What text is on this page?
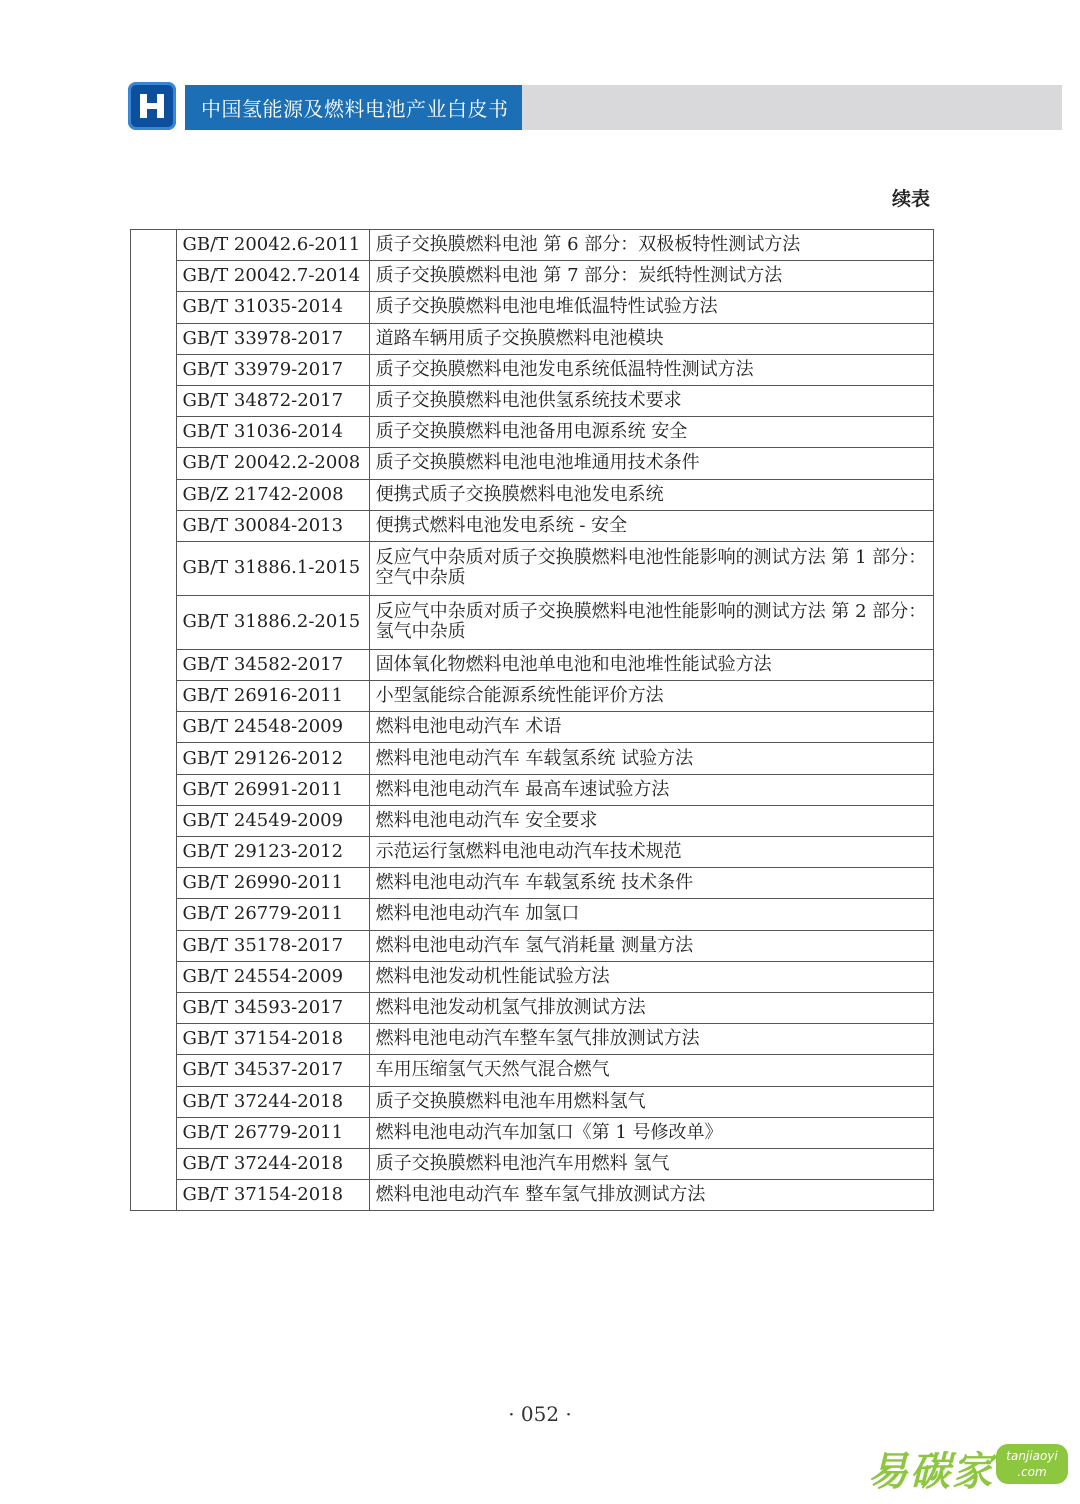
中国氢能源及燃料电池产业白皮书
续表
	GB/T 20042.6-2011	质子交换膜燃料电池 第 6 部分：双极板特性测试方法
	GB/T 20042.7-2014	质子交换膜燃料电池 第 7 部分：炭纸特性测试方法
	GB/T 31035-2014	质子交换膜燃料电池电堆低温特性试验方法
	GB/T 33978-2017	道路车辆用质子交换膜燃料电池模块
	GB/T 33979-2017	质子交换膜燃料电池发电系统低温特性测试方法
	GB/T 34872-2017	质子交换膜燃料电池供氢系统技术要求
	GB/T 31036-2014	质子交换膜燃料电池备用电源系统 安全
	GB/T 20042.2-2008	质子交换膜燃料电池电池堆通用技术条件
	GB/Z 21742-2008	便携式质子交换膜燃料电池发电系统
	GB/T 30084-2013	便携式燃料电池发电系统 - 安全
	GB/T 31886.1-2015	反应气中杂质对质子交换膜燃料电池性能影响的测试方法 第 1 部分：空气中杂质
	GB/T 31886.2-2015	反应气中杂质对质子交换膜燃料电池性能影响的测试方法 第 2 部分：氢气中杂质
	GB/T 34582-2017	固体氧化物燃料电池单电池和电池堆性能试验方法
	GB/T 26916-2011	小型氢能综合能源系统性能评价方法
	GB/T 24548-2009	燃料电池电动汽车 术语
	GB/T 29126-2012	燃料电池电动汽车 车载氢系统 试验方法
	GB/T 26991-2011	燃料电池电动汽车 最高车速试验方法
	GB/T 24549-2009	燃料电池电动汽车 安全要求
	GB/T 29123-2012	示范运行氢燃料电池电动汽车技术规范
	GB/T 26990-2011	燃料电池电动汽车 车载氢系统 技术条件
	GB/T 26779-2011	燃料电池电动汽车 加氢口
	GB/T 35178-2017	燃料电池电动汽车 氢气消耗量 测量方法
	GB/T 24554-2009	燃料电池发动机性能试验方法
	GB/T 34593-2017	燃料电池发动机氢气排放测试方法
	GB/T 37154-2018	燃料电池电动汽车整车氢气排放测试方法
	GB/T 34537-2017	车用压缩氢气天然气混合燃气
	GB/T 37244-2018	质子交换膜燃料电池车用燃料氢气
	GB/T 26779-2011	燃料电池电动汽车加氢口《第 1 号修改单》
	GB/T 37244-2018	质子交换膜燃料电池汽车用燃料 氢气
	GB/T 37154-2018	燃料电池电动汽车 整车氢气排放测试方法
· 052 ·
易碳家	tanjiaoyi
.com
